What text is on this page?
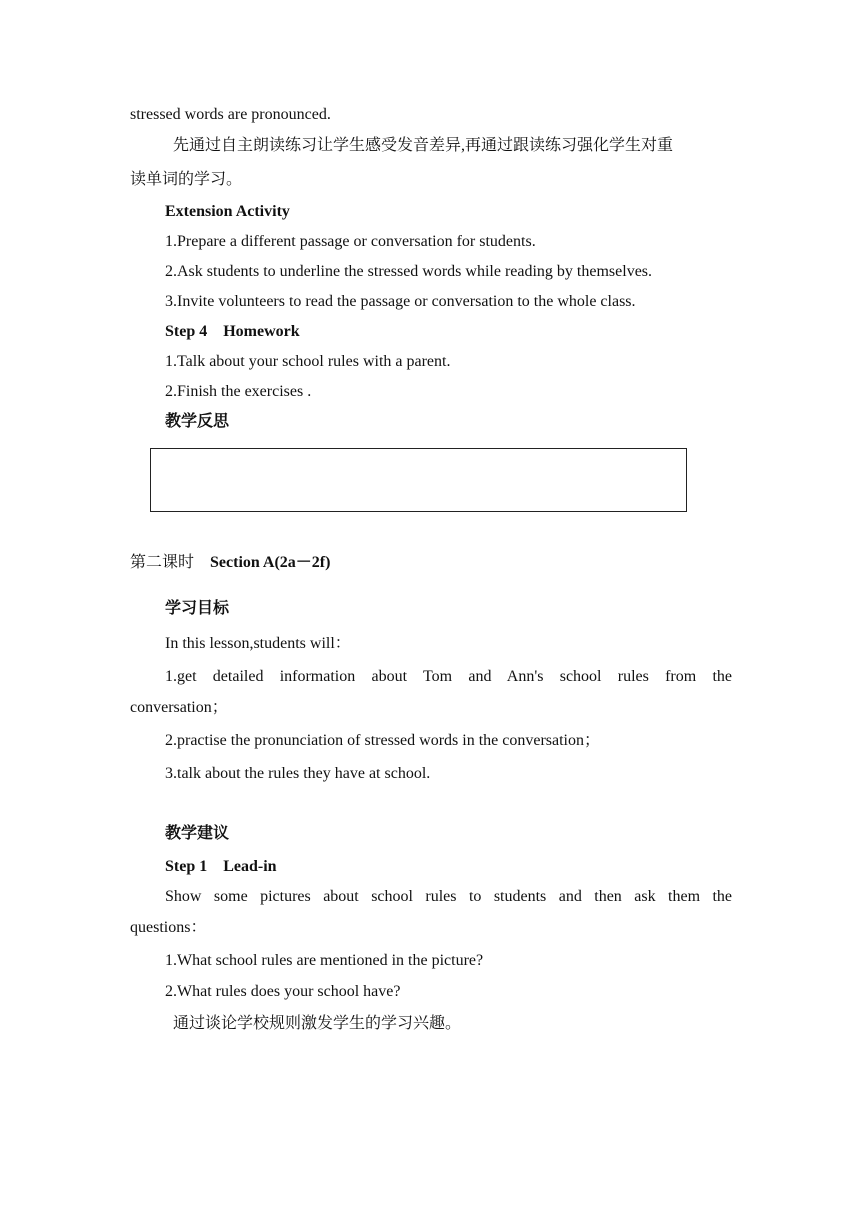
stressed words are pronounced.
先通过自主朗读练习让学生感受发音差异,再通过跟读练习强化学生对重
读单词的学习。
Extension Activity
1.Prepare a different passage or conversation for students.
2.Ask students to underline the stressed words while reading by themselves.
3.Invite volunteers to read the passage or conversation to the whole class.
Step 4 Homework
1.Talk about your school rules with a parent.
2.Finish the exercises .
教学反思
第二课时 Section A(2a－2f)
学习目标
In this lesson,students will：
1.get detailed information about Tom and Ann's school rules from the
conversation；
2.practise the pronunciation of stressed words in the conversation；
3.talk about the rules they have at school.
教学建议
Step 1 Lead-in
Show some pictures about school rules to students and then ask them the
questions：
1.What school rules are mentioned in the picture?
2.What rules does your school have?
通过谈论学校规则激发学生的学习兴趣。
